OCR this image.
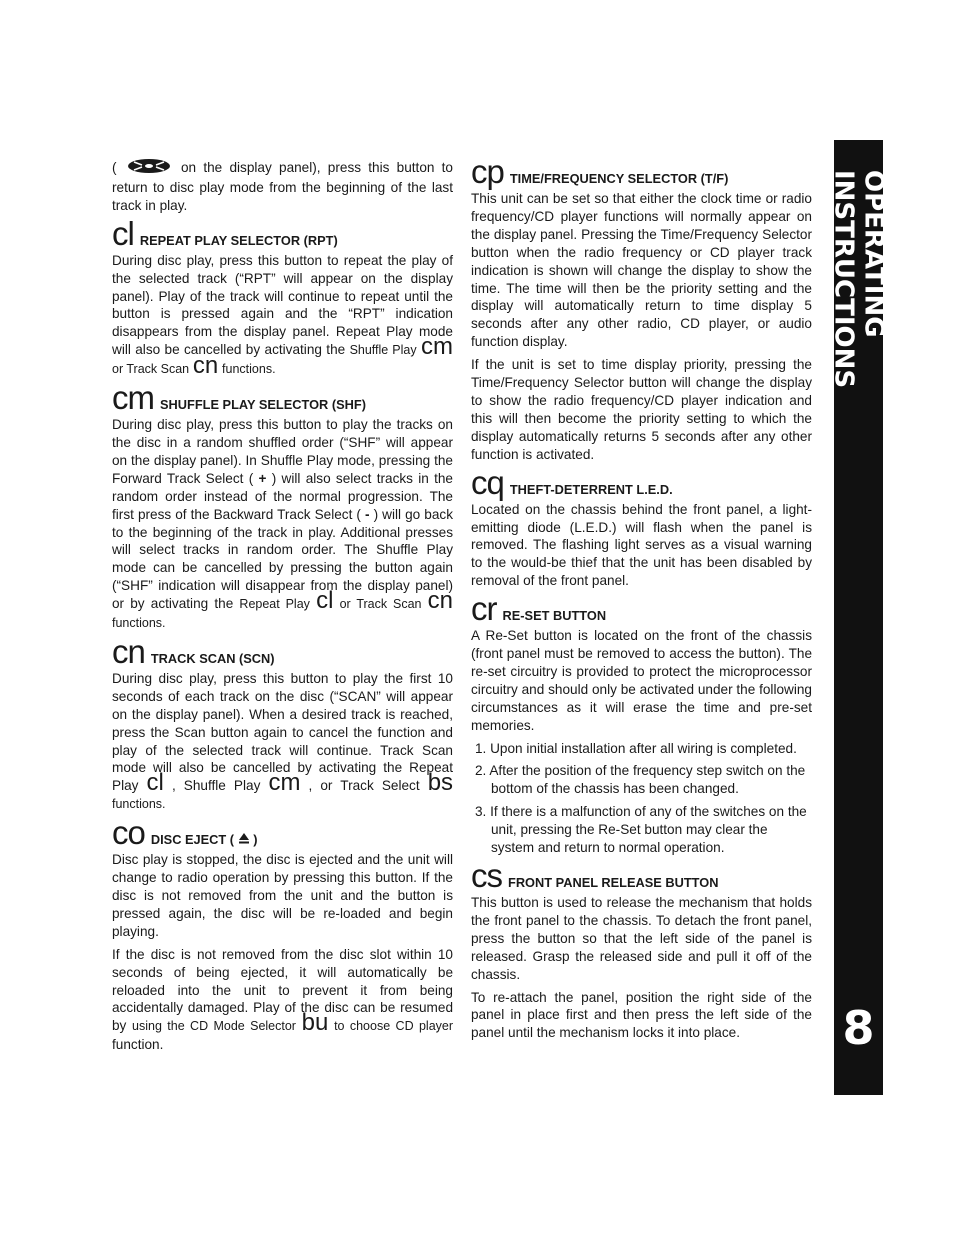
(	on the display panel), press this button to return to disc play mode from the beginning of the last track in play.

cl REPEAT PLAY SELECTOR (RPT)

During disc play, press this button to repeat the play of the selected track (“RPT” will appear on the display panel). Play of the track will continue to repeat until the button is pressed again and the “RPT” indication disappears from the display panel. Repeat Play mode will also be cancelled by activating the Shuffle Play cm or Track Scan cn functions.

cm SHUFFLE PLAY SELECTOR (SHF)

During disc play, press this button to play the tracks on the disc in a random shuffled order (“SHF” will appear on the display panel). In Shuffle Play mode, pressing the Forward Track Select ( + ) will also select tracks in the random order instead of the normal progression. The first press of the Backward Track Select ( - ) will go back to the beginning of the track in play. Additional presses will select tracks in random order. The Shuffle Play mode can be cancelled by pressing the button again (“SHF” indication will disappear from the display panel) or by activating the Repeat Play cl or Track Scan cn functions.

cn TRACK SCAN (SCN)

During disc play, press this button to play the first 10 seconds of each track on the disc (“SCAN” will appear on the display panel). When a desired track is reached, press the Scan button again to cancel the function and play of the selected track will continue. Track Scan mode will also be cancelled by activating the Repeat Play cl , Shuffle Play cm , or Track Select bs functions.

co DISC EJECT ( )

Disc play is stopped, the disc is ejected and the unit will change to radio operation by pressing this button. If the disc is not removed from the unit and the button is pressed again, the disc will be re-loaded and begin playing.

If the disc is not removed from the disc slot within 10 seconds of being ejected, it will automatically be reloaded into the unit to prevent it from being accidentally damaged. Play of the disc can be resumed by using the CD Mode Selector bu to choose CD player function.

cp TIME/FREQUENCY SELECTOR (T/F)

This unit can be set so that either the clock time or radio frequency/CD player functions will normally appear on the display panel. Pressing the Time/Frequency Selector button when the radio frequency or CD player track indication is shown will change the display to show the time. The time will then be the priority setting and the display will automatically return to time display 5 seconds after any other radio, CD player, or audio function display.

If the unit is set to time display priority, pressing the Time/Frequency Selector button will change the display to show the radio frequency/CD player indication and this will then become the priority setting to which the display automatically returns 5 seconds after any other function is activated.

cq THEFT-DETERRENT L.E.D.

Located on the chassis behind the front panel, a light-emitting diode (L.E.D.) will flash when the panel is removed. The flashing light serves as a visual warning to the would-be thief that the unit has been disabled by removal of the front panel.

cr RE-SET BUTTON

A Re-Set button is located on the front of the chassis (front panel must be removed to access the button). The re-set circuitry is provided to protect the microprocessor circuitry and should only be activated under the following circumstances as it will erase the time and pre-set memories.

1. Upon initial installation after all wiring is completed.
2. After the position of the frequency step switch on the bottom of the chassis has been changed.
3. If there is a malfunction of any of the switches on the unit, pressing the Re-Set button may clear the system and return to normal operation.
cs FRONT PANEL RELEASE BUTTON

This button is used to release the mechanism that holds the front panel to the chassis. To detach the front panel, press the button so that the left side of the panel is released. Grasp the released side and pull it off of the chassis.

To re-attach the panel, position the right side of the panel in place first and then press the left side of the panel until the mechanism locks it into place.

OPERATING INSTRUCTIONS
8
